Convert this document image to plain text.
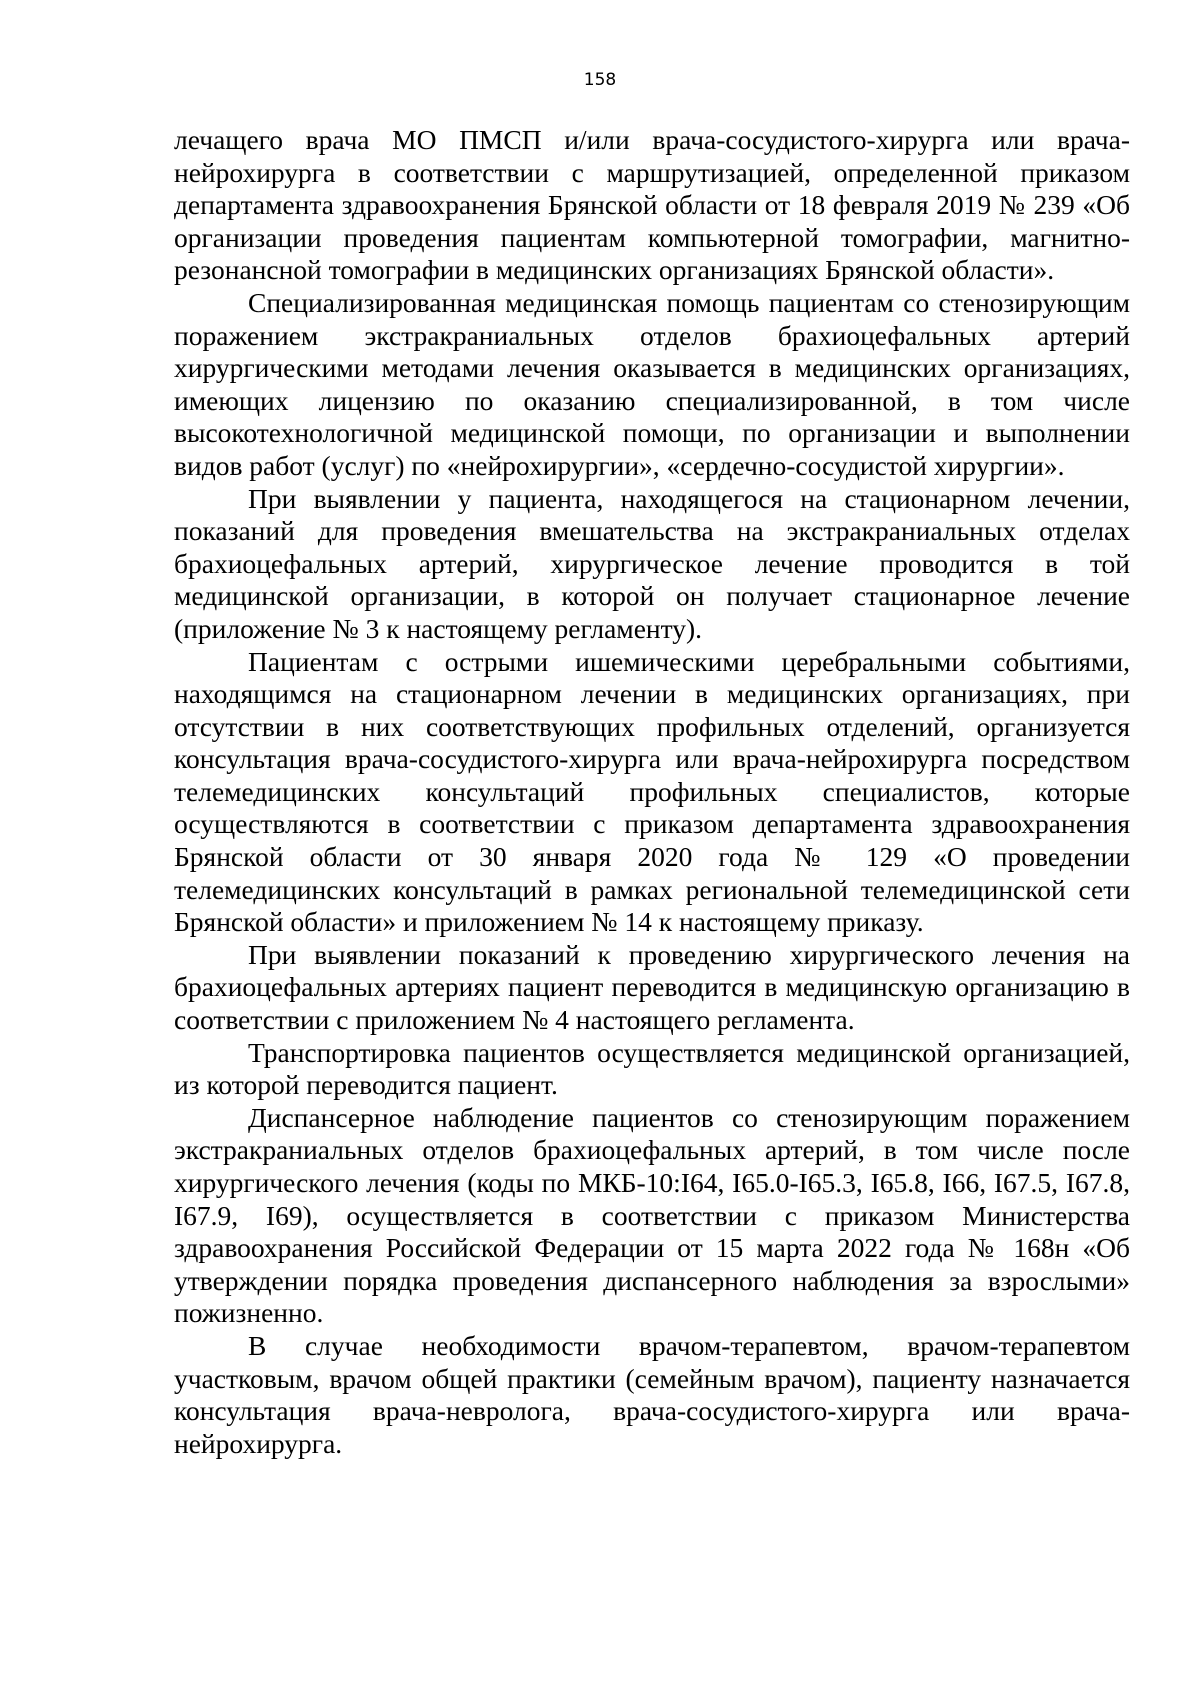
158

лечащего врача МО ПМСП и/или врача-сосудистого-хирурга или врача-нейрохирурга в соответствии с маршрутизацией, определенной приказом департамента здравоохранения Брянской области от 18 февраля 2019 № 239 «Об организации проведения пациентам компьютерной томографии, магнитно-резонансной томографии в медицинских организациях Брянской области».

Специализированная медицинская помощь пациентам со стенозирующим поражением экстракраниальных отделов брахиоцефальных артерий хирургическими методами лечения оказывается в медицинских организациях, имеющих лицензию по оказанию специализированной, в том числе высокотехнологичной медицинской помощи, по организации и выполнении видов работ (услуг) по «нейрохирургии», «сердечно-сосудистой хирургии».

При выявлении у пациента, находящегося на стационарном лечении, показаний для проведения вмешательства на экстракраниальных отделах брахиоцефальных артерий, хирургическое лечение проводится в той медицинской организации, в которой он получает стационарное лечение (приложение № 3 к настоящему регламенту).

Пациентам с острыми ишемическими церебральными событиями, находящимся на стационарном лечении в медицинских организациях, при отсутствии в них соответствующих профильных отделений, организуется консультация врача-сосудистого-хирурга или врача-нейрохирурга посредством телемедицинских консультаций профильных специалистов, которые осуществляются в соответствии с приказом департамента здравоохранения Брянской области от 30 января 2020 года № 129 «О проведении телемедицинских консультаций в рамках региональной телемедицинской сети Брянской области» и приложением № 14 к настоящему приказу.

При выявлении показаний к проведению хирургического лечения на брахиоцефальных артериях пациент переводится в медицинскую организацию в соответствии с приложением № 4 настоящего регламента.

Транспортировка пациентов осуществляется медицинской организацией, из которой переводится пациент.

Диспансерное наблюдение пациентов со стенозирующим поражением экстракраниальных отделов брахиоцефальных артерий, в том числе после хирургического лечения (коды по МКБ-10:I64, I65.0-I65.3, I65.8, I66, I67.5, I67.8, I67.9, I69), осуществляется в соответствии с приказом Министерства здравоохранения Российской Федерации от 15 марта 2022 года № 168н «Об утверждении порядка проведения диспансерного наблюдения за взрослыми» пожизненно.

В случае необходимости врачом-терапевтом, врачом-терапевтом участковым, врачом общей практики (семейным врачом), пациенту назначается консультация врача-невролога, врача-сосудистого-хирурга или врача-нейрохирурга.
